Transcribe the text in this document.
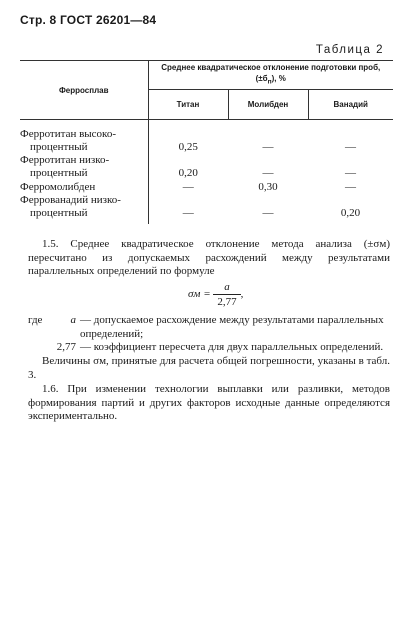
Стр. 8 ГОСТ 26201—84
Таблица 2
Ферросплав	Среднее квадратическое отклонение подготовки проб,
$(\pm б_п)$, %		
	Титан	Молибден	Ванадий

Ферротитан высоко-
процентный	0,25	—	—

Ферротитан низко-
процентный	0,20	—	—

Ферромолибден	—	0,30	—

Феррованадий низко-
процентный	—	—	0,20

1.5. Среднее квадратическое отклонение метода анализа (±σм) пересчитано из допускаемых расхождений между результатами параллельных определений по формуле

$\sigma м = \frac{a}{2,77}$ ,
где	a — допускаемое расхождение между результатами параллельных определений;
2,77 — коэффициент пересчета для двух параллельных определений.

Величины σм, принятые для расчета общей погрешности, указаны в табл. 3.

1.6. При изменении технологии выплавки или разливки, методов формирования партий и других факторов исходные данные определяются экспериментально.
